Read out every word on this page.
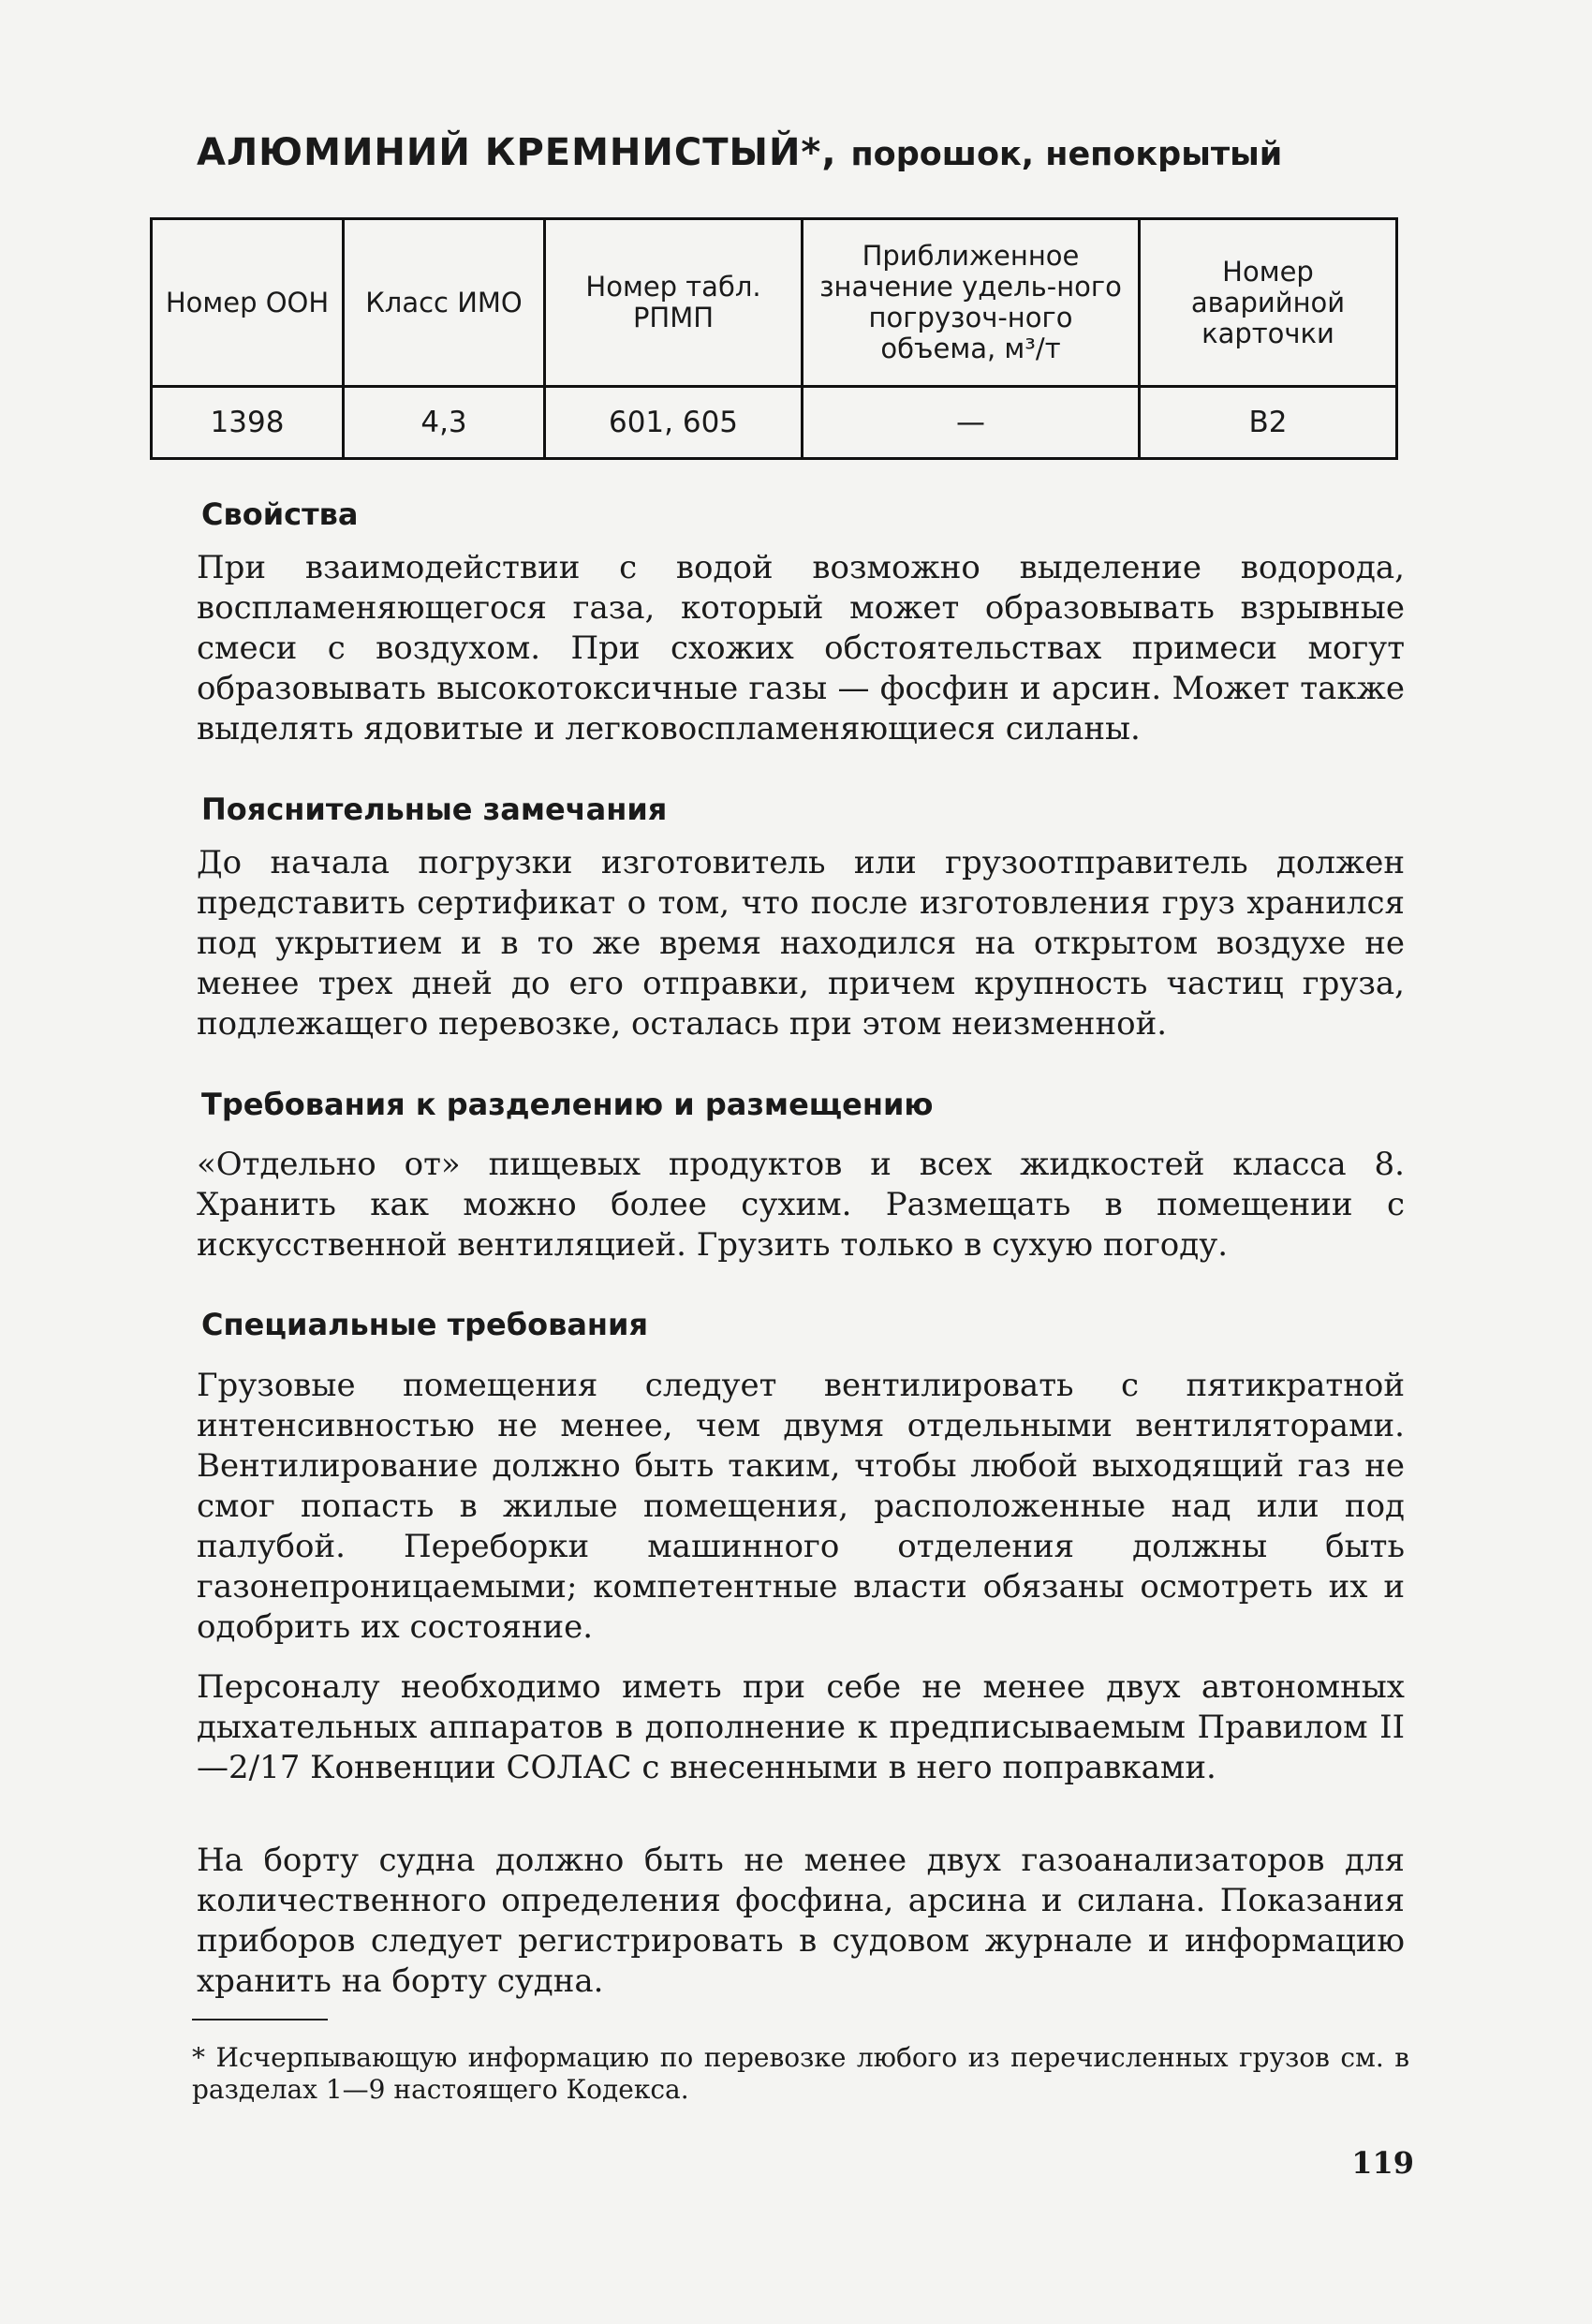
АЛЮМИНИЙ КРЕМНИСТЫЙ*, порошок, непокрытый
Номер ООН	Класс ИМО	Номер табл. РПМП	Приближенное значение удель-ного погрузоч-ного объема, м³/т	Номер аварийной карточки
1398	4,3	601, 605	—	В2
Свойства

При взаимодействии с водой возможно выделение водорода, воспламеняющегося газа, который может образовывать взрывные смеси с воздухом. При схожих обстоятельствах примеси могут образовывать высокотоксичные газы — фосфин и арсин. Может также выделять ядовитые и легковоспламеняющиеся силаны.

Пояснительные замечания

До начала погрузки изготовитель или грузоотправитель должен представить сертификат о том, что после изготовления груз хранился под укрытием и в то же время находился на открытом воздухе не менее трех дней до его отправки, причем крупность частиц груза, подлежащего перевозке, осталась при этом неизменной.

Требования к разделению и размещению

«Отдельно от» пищевых продуктов и всех жидкостей класса 8. Хранить как можно более сухим. Размещать в помещении с искусственной вентиляцией. Грузить только в сухую погоду.

Специальные требования

Грузовые помещения следует вентилировать с пятикратной интенсивностью не менее, чем двумя отдельными вентиляторами. Вентилирование должно быть таким, чтобы любой выходящий газ не смог попасть в жилые помещения, расположенные над или под палубой. Переборки машинного отделения должны быть газонепроницаемыми; компетентные власти обязаны осмотреть их и одобрить их состояние.

Персоналу необходимо иметь при себе не менее двух автономных дыхательных аппаратов в дополнение к предписываемым Правилом II—2/17 Конвенции СОЛАС с внесенными в него поправками.

На борту судна должно быть не менее двух газоанализаторов для количественного определения фосфина, арсина и силана. Показания приборов следует регистрировать в судовом журнале и информацию хранить на борту судна.

* Исчерпывающую информацию по перевозке любого из перечисленных грузов см. в разделах 1—9 настоящего Кодекса.
119
